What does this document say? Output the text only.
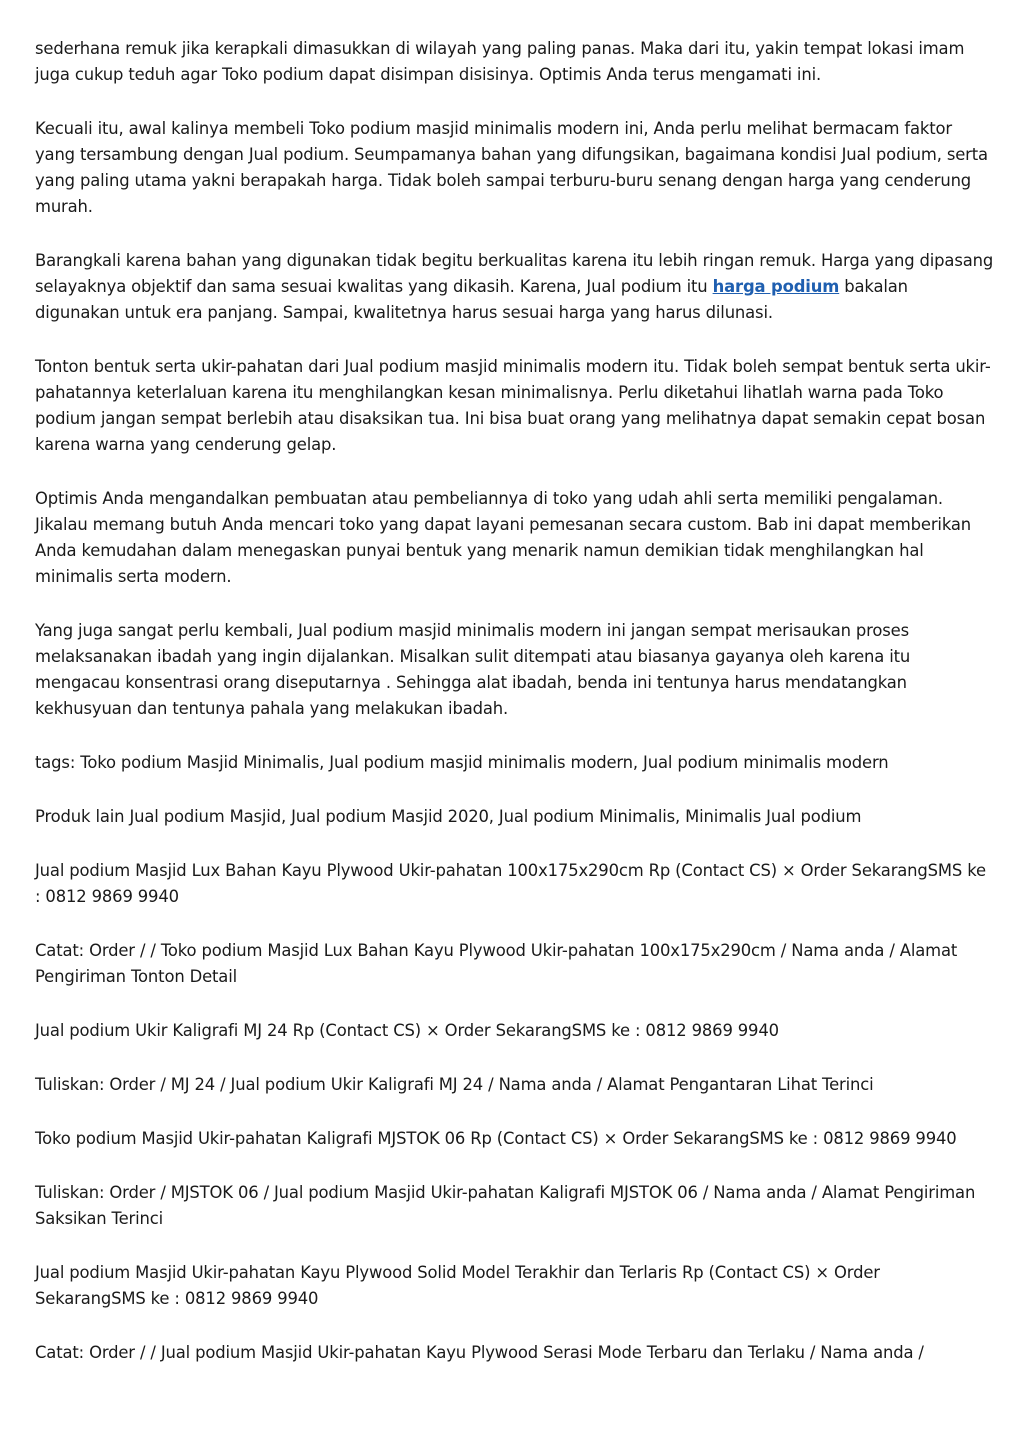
sederhana remuk jika kerapkali dimasukkan di wilayah yang paling panas. Maka dari itu, yakin tempat lokasi imam juga cukup teduh agar Toko podium dapat disimpan disisinya. Optimis Anda terus mengamati ini.

Kecuali itu, awal kalinya membeli Toko podium masjid minimalis modern ini, Anda perlu melihat bermacam faktor yang tersambung dengan Jual podium. Seumpamanya bahan yang difungsikan, bagaimana kondisi Jual podium, serta yang paling utama yakni berapakah harga. Tidak boleh sampai terburu-buru senang dengan harga yang cenderung murah.

Barangkali karena bahan yang digunakan tidak begitu berkualitas karena itu lebih ringan remuk. Harga yang dipasang selayaknya objektif dan sama sesuai kwalitas yang dikasih. Karena, Jual podium itu harga podium bakalan digunakan untuk era panjang. Sampai, kwalitetnya harus sesuai harga yang harus dilunasi.

Tonton bentuk serta ukir-pahatan dari Jual podium masjid minimalis modern itu. Tidak boleh sempat bentuk serta ukir-pahatannya keterlaluan karena itu menghilangkan kesan minimalisnya. Perlu diketahui lihatlah warna pada Toko podium jangan sempat berlebih atau disaksikan tua. Ini bisa buat orang yang melihatnya dapat semakin cepat bosan karena warna yang cenderung gelap.

Optimis Anda mengandalkan pembuatan atau pembeliannya di toko yang udah ahli serta memiliki pengalaman. Jikalau memang butuh Anda mencari toko yang dapat layani pemesanan secara custom. Bab ini dapat memberikan Anda kemudahan dalam menegaskan punyai bentuk yang menarik namun demikian tidak menghilangkan hal minimalis serta modern.

Yang juga sangat perlu kembali, Jual podium masjid minimalis modern ini jangan sempat merisaukan proses melaksanakan ibadah yang ingin dijalankan. Misalkan sulit ditempati atau biasanya gayanya oleh karena itu mengacau konsentrasi orang diseputarnya . Sehingga alat ibadah, benda ini tentunya harus mendatangkan kekhusyuan dan tentunya pahala yang melakukan ibadah.

tags: Toko podium Masjid Minimalis, Jual podium masjid minimalis modern, Jual podium minimalis modern

Produk lain Jual podium Masjid, Jual podium Masjid 2020, Jual podium Minimalis, Minimalis Jual podium

Jual podium Masjid Lux Bahan Kayu Plywood Ukir-pahatan 100x175x290cm Rp (Contact CS) × Order SekarangSMS ke : 0812 9869 9940

Catat: Order / / Toko podium Masjid Lux Bahan Kayu Plywood Ukir-pahatan 100x175x290cm / Nama anda / Alamat Pengiriman Tonton Detail

Jual podium Ukir Kaligrafi MJ 24 Rp (Contact CS) × Order SekarangSMS ke : 0812 9869 9940

Tuliskan: Order / MJ 24 / Jual podium Ukir Kaligrafi MJ 24 / Nama anda / Alamat Pengantaran Lihat Terinci

Toko podium Masjid Ukir-pahatan Kaligrafi MJSTOK 06 Rp (Contact CS) × Order SekarangSMS ke : 0812 9869 9940

Tuliskan: Order / MJSTOK 06 / Jual podium Masjid Ukir-pahatan Kaligrafi MJSTOK 06 / Nama anda / Alamat Pengiriman Saksikan Terinci

Jual podium Masjid Ukir-pahatan Kayu Plywood Solid Model Terakhir dan Terlaris Rp (Contact CS) × Order SekarangSMS ke : 0812 9869 9940

Catat: Order / / Jual podium Masjid Ukir-pahatan Kayu Plywood Serasi Mode Terbaru dan Terlaku / Nama anda /
